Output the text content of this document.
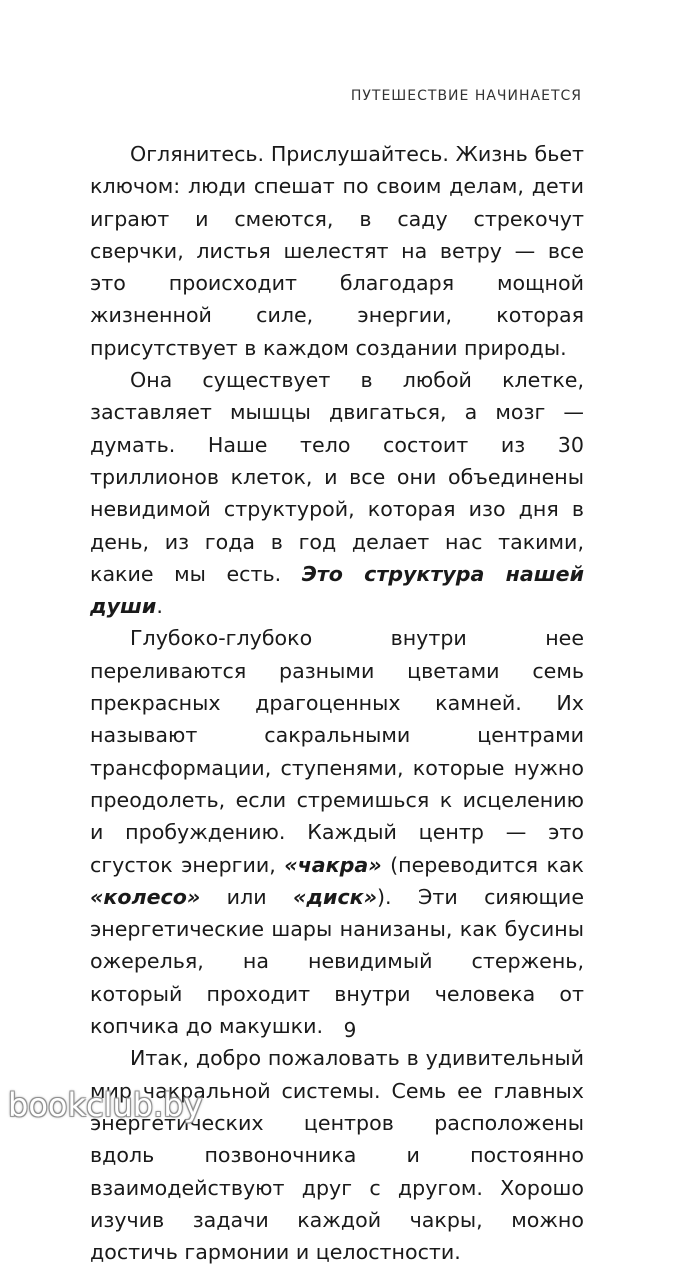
ПУТЕШЕСТВИЕ НАЧИНАЕТСЯ

Оглянитесь. Прислушайтесь. Жизнь бьет ключом: люди спешат по своим делам, дети играют и смеются, в саду стрекочут сверчки, листья шелестят на ветру — все это происходит благодаря мощной жизненной силе, энергии, которая присутствует в каждом создании природы.

Она существует в любой клетке, заставляет мышцы двигаться, а мозг — думать. Наше тело состоит из 30 триллионов клеток, и все они объединены невидимой структурой, которая изо дня в день, из года в год делает нас такими, какие мы есть. Это структура нашей души.

Глубоко-глубоко внутри нее переливаются разными цветами семь прекрасных драгоценных камней. Их называют сакральными центрами трансформации, ступенями, которые нужно преодолеть, если стремишься к исцелению и пробуждению. Каждый центр — это сгусток энергии, «чакра» (переводится как «колесо» или «диск»). Эти сияющие энергетические шары нанизаны, как бусины ожерелья, на невидимый стержень, который проходит внутри человека от копчика до макушки.

Итак, добро пожаловать в удивительный мир чакральной системы. Семь ее главных энергетических центров расположены вдоль позвоночника и постоянно взаимодействуют друг с другом. Хорошо изучив задачи каждой чакры, можно достичь гармонии и целостности.

9
bookclub.by
